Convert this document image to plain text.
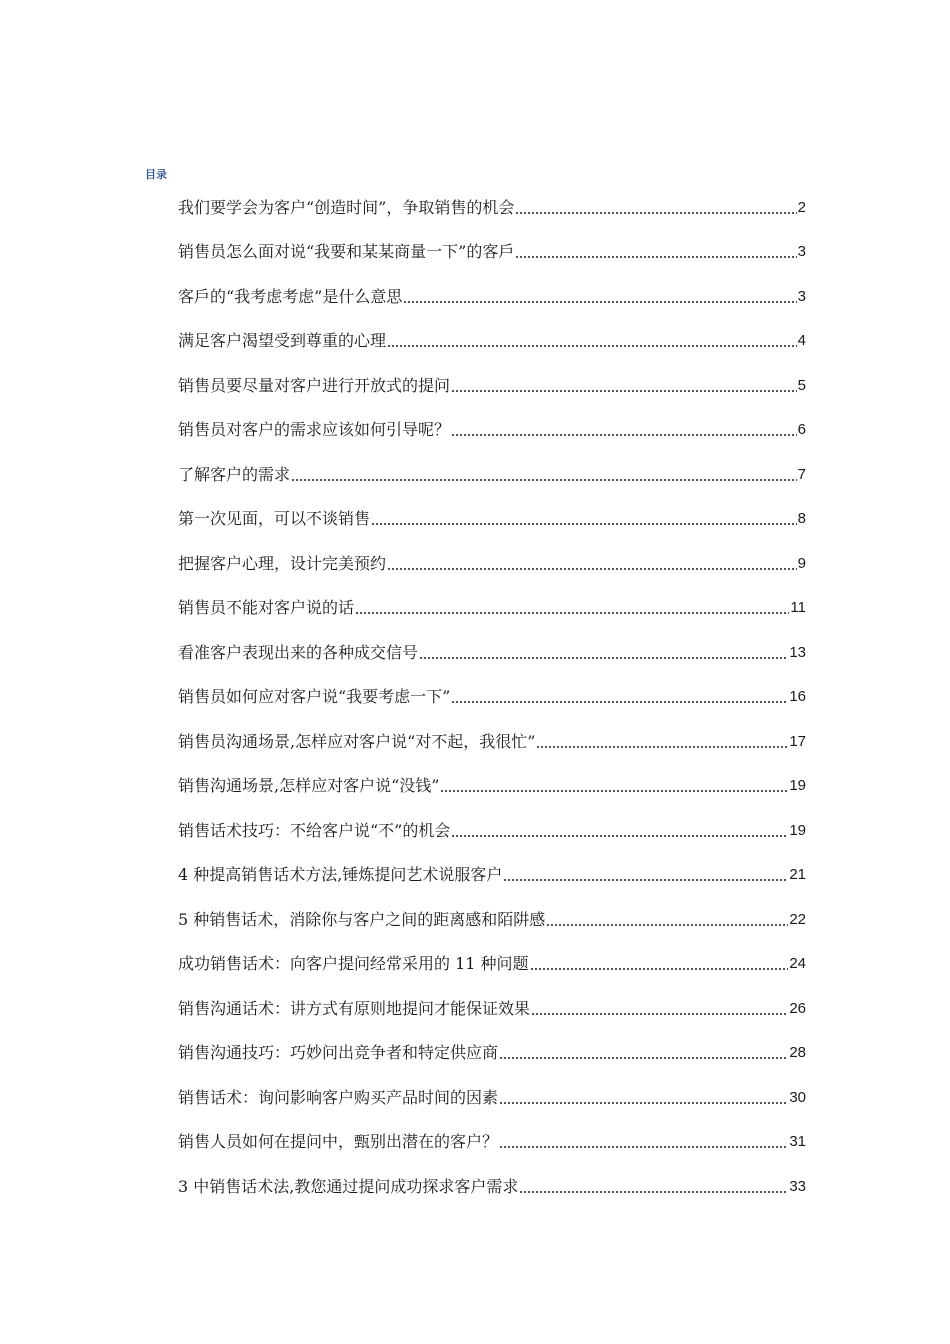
目录
我们要学会为客户“创造时间”，争取销售的机会	2
销售员怎么面对说“我要和某某商量一下”的客戶	3
客戶的“我考虑考虑”是什么意思	3
满足客户渴望受到尊重的心理	4
销售员要尽量对客户进行开放式的提问	5
销售员对客户的需求应该如何引导呢？	6
了解客户的需求	7
第一次见面，可以不谈销售	8
把握客户心理，设计完美预约	9
销售员不能对客户说的话	11
看准客户表现出来的各种成交信号	13
销售员如何应对客户说“我要考虑一下”	16
销售员沟通场景,怎样应对客户说“对不起，我很忙”	17
销售沟通场景,怎样应对客户说“没钱”	19
销售话术技巧：不给客户说“不”的机会	19
4 种提高销售话术方法,锤炼提问艺术说服客户	21
5 种销售话术，消除你与客户之间的距离感和陌阱感	22
成功销售话术：向客户提问经常采用的 11 种问题	24
销售沟通话术：讲方式有原则地提问才能保证效果	26
销售沟通技巧：巧妙问出竞争者和特定供应商	28
销售话术：询问影响客户购买产品时间的因素	30
销售人员如何在提问中，甄别出潜在的客户？	31
3 中销售话术法,教您通过提问成功探求客户需求	33
